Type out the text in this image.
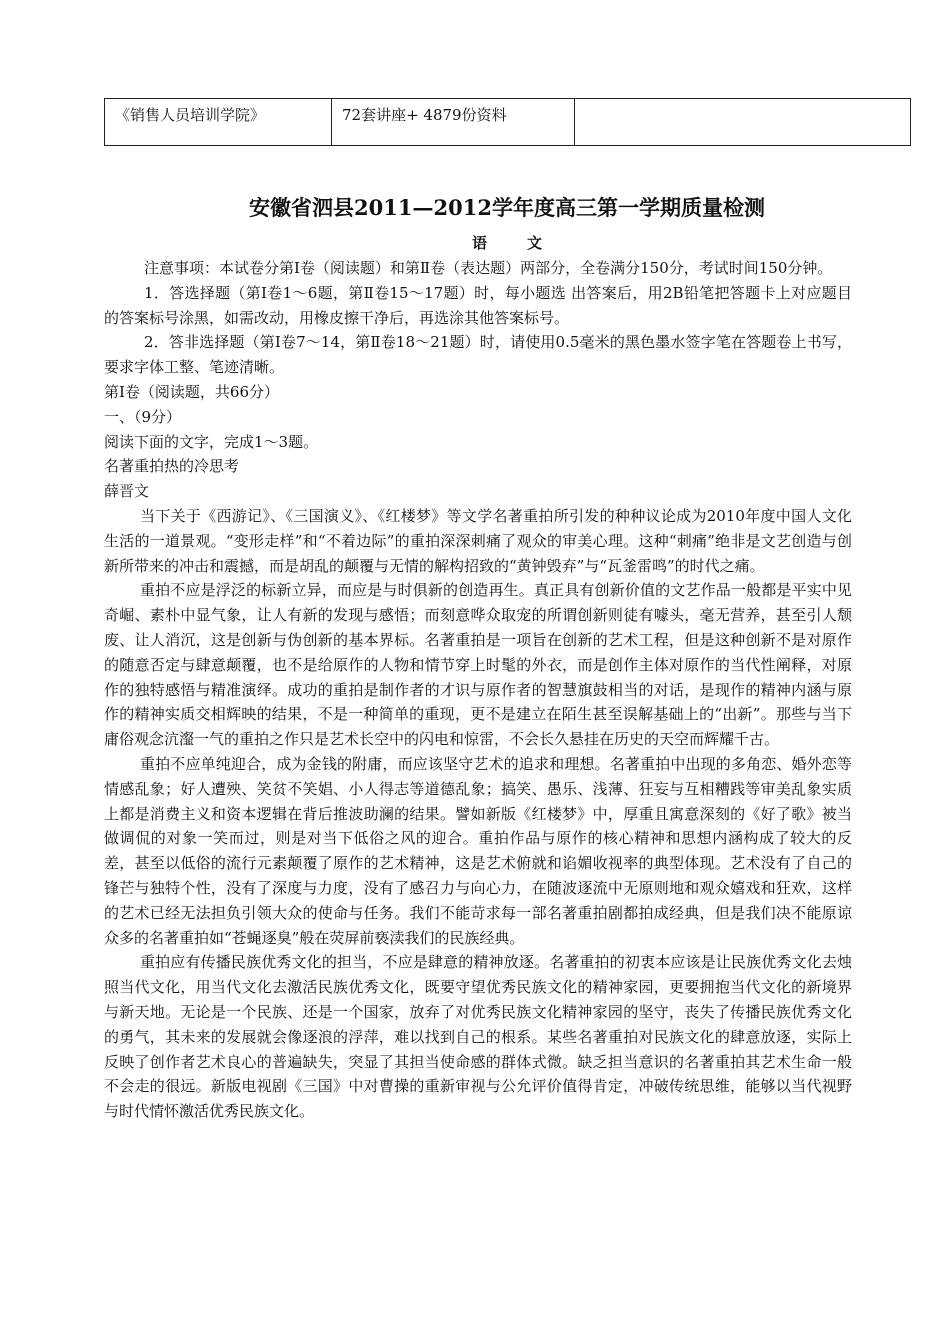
《销售人员培训学院》	72套讲座+ 4879份资料	
安徽省泗县2011—2012学年度高三第一学期质量检测
语文

注意事项：本试卷分第Ⅰ卷（阅读题）和第Ⅱ卷（表达题）两部分，全卷满分150分，考试时间150分钟。

1．答选择题（第Ⅰ卷1～6题，第Ⅱ卷15～17题）时，每小题选 出答案后，用2B铅笔把答题卡上对应题目的答案标号涂黑，如需改动，用橡皮擦干净后，再选涂其他答案标号。

2．答非选择题（第Ⅰ卷7～14，第Ⅱ卷18～21题）时，请使用0.5毫米的黑色墨水签字笔在答题卷上书写，要求字体工整、笔迹清晰。

第Ⅰ卷（阅读题，共66分）

一、（9分）

阅读下面的文字，完成1～3题。

名著重拍热的冷思考

薛晋文

当下关于《西游记》、《三国演义》、《红楼梦》等文学名著重拍所引发的种种议论成为2010年度中国人文化生活的一道景观。“变形走样”和“不着边际”的重拍深深刺痛了观众的审美心理。这种“刺痛”绝非是文艺创造与创新所带来的冲击和震撼，而是胡乱的颠覆与无情的解构招致的“黄钟毁弃”与“瓦釜雷鸣”的时代之痛。

重拍不应是浮泛的标新立异，而应是与时俱新的创造再生。真正具有创新价值的文艺作品一般都是平实中见奇崛、素朴中显气象，让人有新的发现与感悟；而刻意哗众取宠的所谓创新则徒有噱头，毫无营养，甚至引人颓废、让人消沉，这是创新与伪创新的基本界标。名著重拍是一项旨在创新的艺术工程，但是这种创新不是对原作的随意否定与肆意颠覆，也不是给原作的人物和情节穿上时髦的外衣，而是创作主体对原作的当代性阐释，对原作的独特感悟与精准演绎。成功的重拍是制作者的才识与原作者的智慧旗鼓相当的对话，是现作的精神内涵与原作的精神实质交相辉映的结果，不是一种简单的重现，更不是建立在陌生甚至误解基础上的“出新”。那些与当下庸俗观念沆瀣一气的重拍之作只是艺术长空中的闪电和惊雷，不会长久悬挂在历史的天空而辉耀千古。

重拍不应单纯迎合，成为金钱的附庸，而应该坚守艺术的追求和理想。名著重拍中出现的多角恋、婚外恋等情感乱象；好人遭殃、笑贫不笑娼、小人得志等道德乱象；搞笑、愚乐、浅薄、狂妄与互相糟践等审美乱象实质上都是消费主义和资本逻辑在背后推波助澜的结果。譬如新版《红楼梦》中，厚重且寓意深刻的《好了歌》被当做调侃的对象一笑而过，则是对当下低俗之风的迎合。重拍作品与原作的核心精神和思想内涵构成了较大的反差，甚至以低俗的流行元素颠覆了原作的艺术精神，这是艺术俯就和谄媚收视率的典型体现。艺术没有了自己的锋芒与独特个性，没有了深度与力度，没有了感召力与向心力，在随波逐流中无原则地和观众嬉戏和狂欢，这样的艺术已经无法担负引领大众的使命与任务。我们不能苛求每一部名著重拍剧都拍成经典，但是我们决不能原谅众多的名著重拍如“苍蝇逐臭”般在荧屏前亵渎我们的民族经典。

重拍应有传播民族优秀文化的担当，不应是肆意的精神放逐。名著重拍的初衷本应该是让民族优秀文化去烛照当代文化，用当代文化去激活民族优秀文化，既要守望优秀民族文化的精神家园，更要拥抱当代文化的新境界与新天地。无论是一个民族、还是一个国家，放弃了对优秀民族文化精神家园的坚守，丧失了传播民族优秀文化的勇气，其未来的发展就会像逐浪的浮萍，难以找到自己的根系。某些名著重拍对民族文化的肆意放逐，实际上反映了创作者艺术良心的普遍缺失，突显了其担当使命感的群体式微。缺乏担当意识的名著重拍其艺术生命一般不会走的很远。新版电视剧《三国》中对曹操的重新审视与公允评价值得肯定，冲破传统思维，能够以当代视野与时代情怀激活优秀民族文化。
